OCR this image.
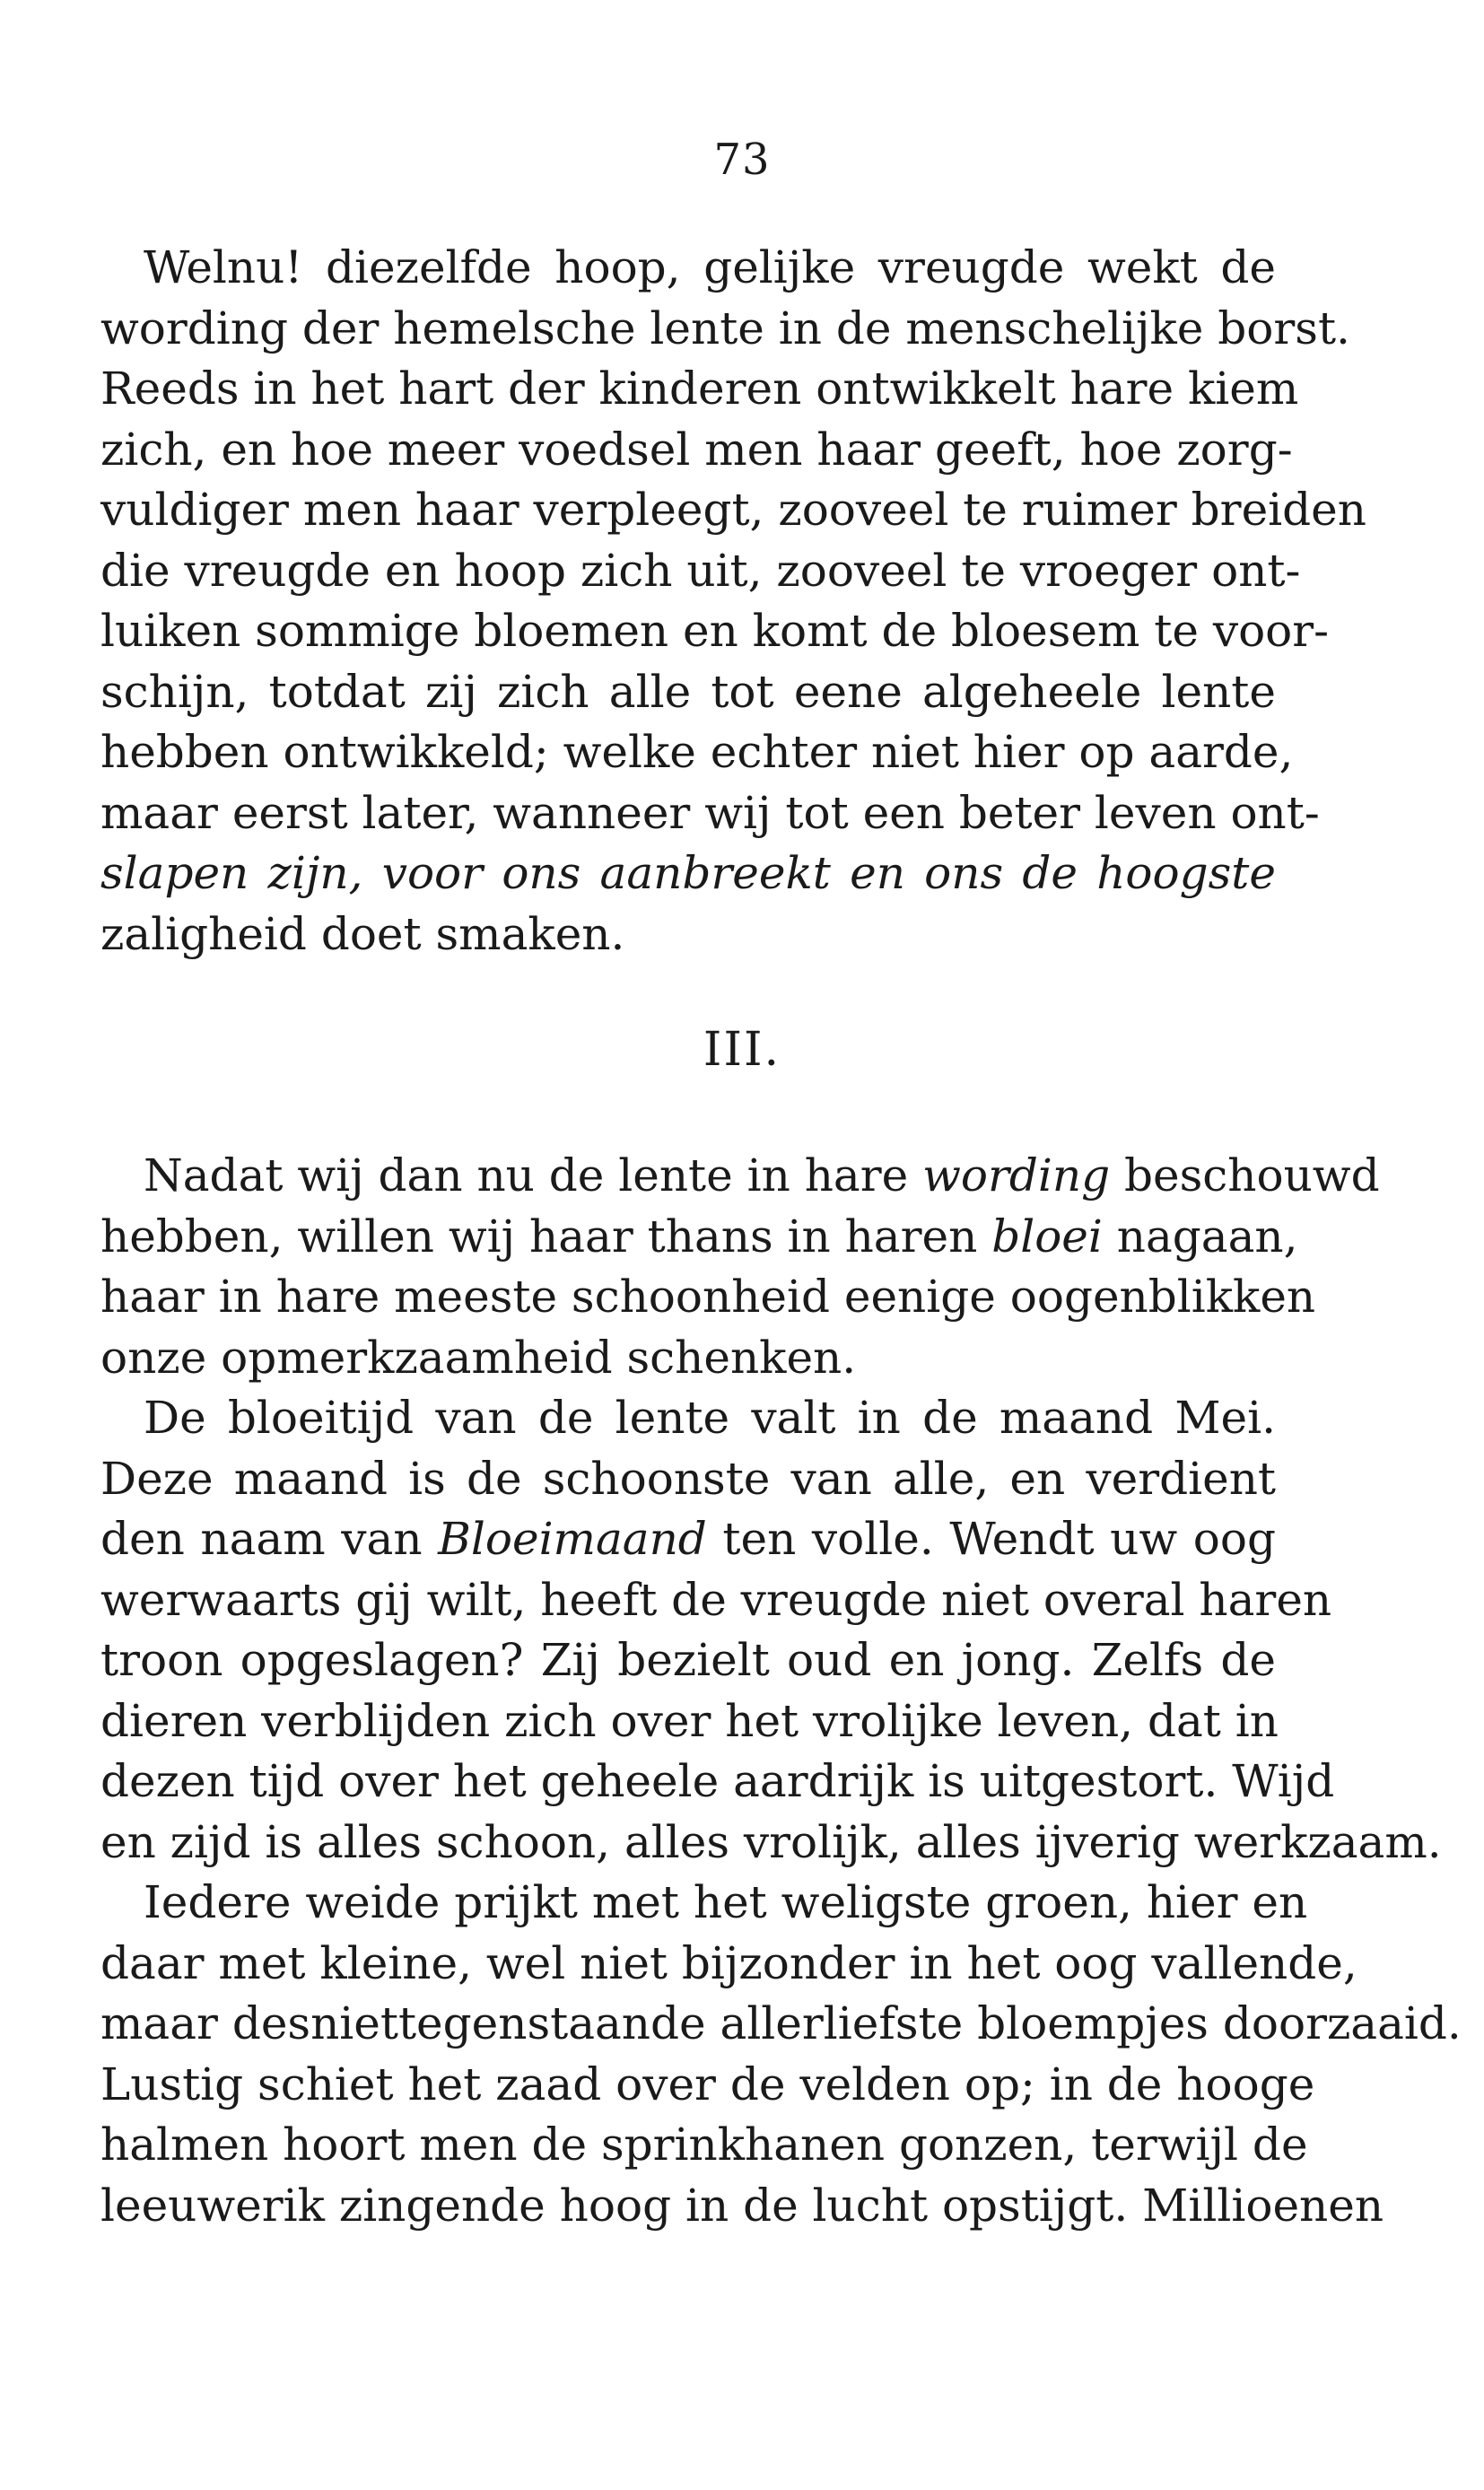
73
Welnu! diezelfde hoop, gelijke vreugde wekt de
wording der hemelsche lente in de menschelijke borst.
Reeds in het hart der kinderen ontwikkelt hare kiem
zich, en hoe meer voedsel men haar geeft, hoe zorg-
vuldiger men haar verpleegt, zooveel te ruimer breiden
die vreugde en hoop zich uit, zooveel te vroeger ont-
luiken sommige bloemen en komt de bloesem te voor-
schijn, totdat zij zich alle tot eene algeheele lente
hebben ontwikkeld; welke echter niet hier op aarde,
maar eerst later, wanneer wij tot een beter leven ont-
slapen zijn, voor ons aanbreekt en ons de hoogste
zaligheid doet smaken.
III.
Nadat wij dan nu de lente in hare wording beschouwd
hebben, willen wij haar thans in haren bloei nagaan,
haar in hare meeste schoonheid eenige oogenblikken
onze opmerkzaamheid schenken.
De bloeitijd van de lente valt in de maand Mei.
Deze maand is de schoonste van alle, en verdient
den naam van Bloeimaand ten volle. Wendt uw oog
werwaarts gij wilt, heeft de vreugde niet overal haren
troon opgeslagen? Zij bezielt oud en jong. Zelfs de
dieren verblijden zich over het vrolijke leven, dat in
dezen tijd over het geheele aardrijk is uitgestort. Wijd
en zijd is alles schoon, alles vrolijk, alles ijverig werkzaam.
Iedere weide prijkt met het weligste groen, hier en
daar met kleine, wel niet bijzonder in het oog vallende,
maar desniettegenstaande allerliefste bloempjes doorzaaid.
Lustig schiet het zaad over de velden op; in de hooge
halmen hoort men de sprinkhanen gonzen, terwijl de
leeuwerik zingende hoog in de lucht opstijgt. Millioenen
